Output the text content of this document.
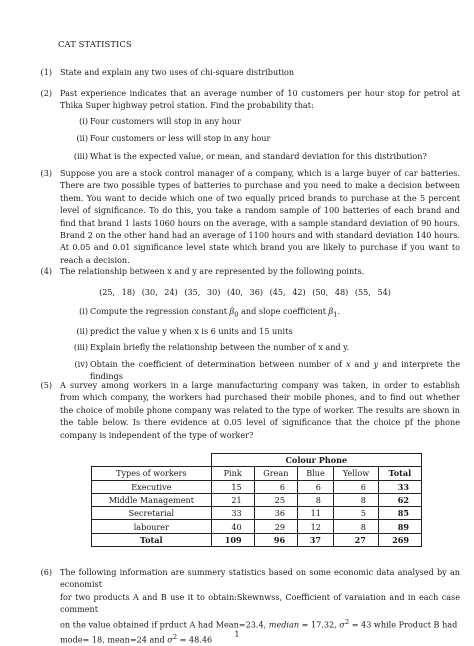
CAT STATISTICS
(1) State and explain any two uses of chi-square distribution
(2) Past experience indicates that an average number of 10 customers per hour stop for petrol at Thika Super highway petrol station. Find the probability that:
(i) Four customers will stop in any hour
(ii) Four customers or less will stop in any hour
(iii) What is the expected value, or mean, and standard deviation for this distribution?
(3) Suppose you are a stock control manager of a company, which is a large buyer of car batteries. There are two possible types of batteries to purchase and you need to make a decision between them. You want to decide which one of two equally priced brands to purchase at the 5 percent level of significance. To do this, you take a random sample of 100 batteries of each brand and find that brand 1 lasts 1060 hours on the average, with a sample standard deviation of 90 hours. Brand 2 on the other hand had an average of 1100 hours and with standard deviation 140 hours. At 0.05 and 0.01 significance level state which brand you are likely to purchase if you want to reach a decision.
(4) The relationship between x and y are represented by the following points.
(25, 18) (30, 24) (35, 30) (40, 36) (45, 42) (50, 48) (55, 54)
(i) Compute the regression constant $\beta_0$ and slope coefficient $\beta_1$.
(ii) predict the value y when x is 6 units and 15 units
(iii) Explain briefly the relationship between the number of x and y.
(iv) Obtain the coefficient of determination between number of x and y and interprete the findings
(5) A survey among workers in a large manufacturing company was taken, in order to establish from which company, the workers had purchased their mobile phones, and to find out whether the choice of mobile phone company was related to the type of worker. The results are shown in the table below. Is there evidence at 0.05 level of significance that the choice pf the phone company is independent of the type of worker?
	Colour Phone				
Types of workers	Pink	Grean	Blue	Yellow	Total
Executive	15	6	6	6	33
Middle Management	21	25	8	8	62
Secretarial	33	36	11	5	85
labourer	40	29	12	8	89
Total	109	96	37	27	269
(6) The following information are summery statistics based on some economic data analysed by an economist
for two products A and B use it to obtain:Skewnwss, Coefficient of varaiation and in each case comment
on the value obtained if prduct A had Mean=23.4, median = 17.32, $\sigma^2 = 43$ while Product B had
mode= 18, mean=24 and $\sigma^2 = 48.46$
1
